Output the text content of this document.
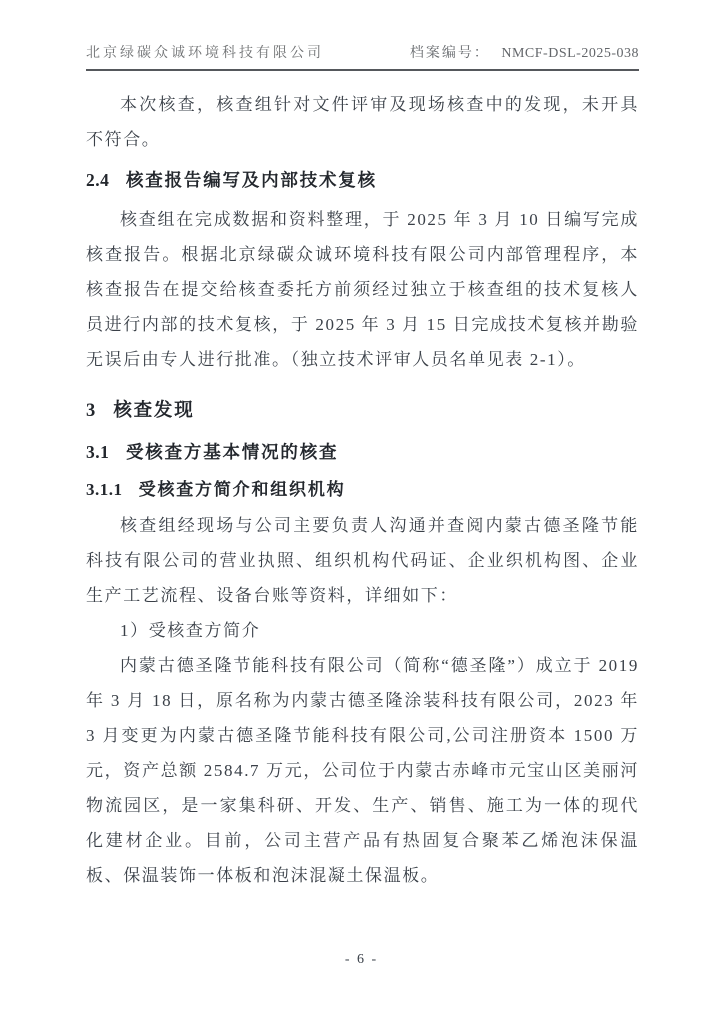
北京绿碳众诚环境科技有限公司	档案编号： NMCF-DSL-2025-038

本次核查，核查组针对文件评审及现场核查中的发现，未开具不符合。

2.4 核查报告编写及内部技术复核

核查组在完成数据和资料整理，于 2025 年 3 月 10 日编写完成核查报告。根据北京绿碳众诚环境科技有限公司内部管理程序，本核查报告在提交给核查委托方前须经过独立于核查组的技术复核人员进行内部的技术复核，于 2025 年 3 月 15 日完成技术复核并勘验无误后由专人进行批准。（独立技术评审人员名单见表 2-1）。

3 核查发现
3.1 受核查方基本情况的核查
3.1.1 受核查方简介和组织机构

核查组经现场与公司主要负责人沟通并查阅内蒙古德圣隆节能科技有限公司的营业执照、组织机构代码证、企业织机构图、企业生产工艺流程、设备台账等资料，详细如下：

1）受核查方简介

内蒙古德圣隆节能科技有限公司（简称“德圣隆”）成立于 2019 年 3 月 18 日，原名称为内蒙古德圣隆涂装科技有限公司，2023 年 3 月变更为内蒙古德圣隆节能科技有限公司,公司注册资本 1500 万元，资产总额 2584.7 万元，公司位于内蒙古赤峰市元宝山区美丽河物流园区，是一家集科研、开发、生产、销售、施工为一体的现代化建材企业。目前，公司主营产品有热固复合聚苯乙烯泡沫保温板、保温装饰一体板和泡沫混凝土保温板。

- 6 -
